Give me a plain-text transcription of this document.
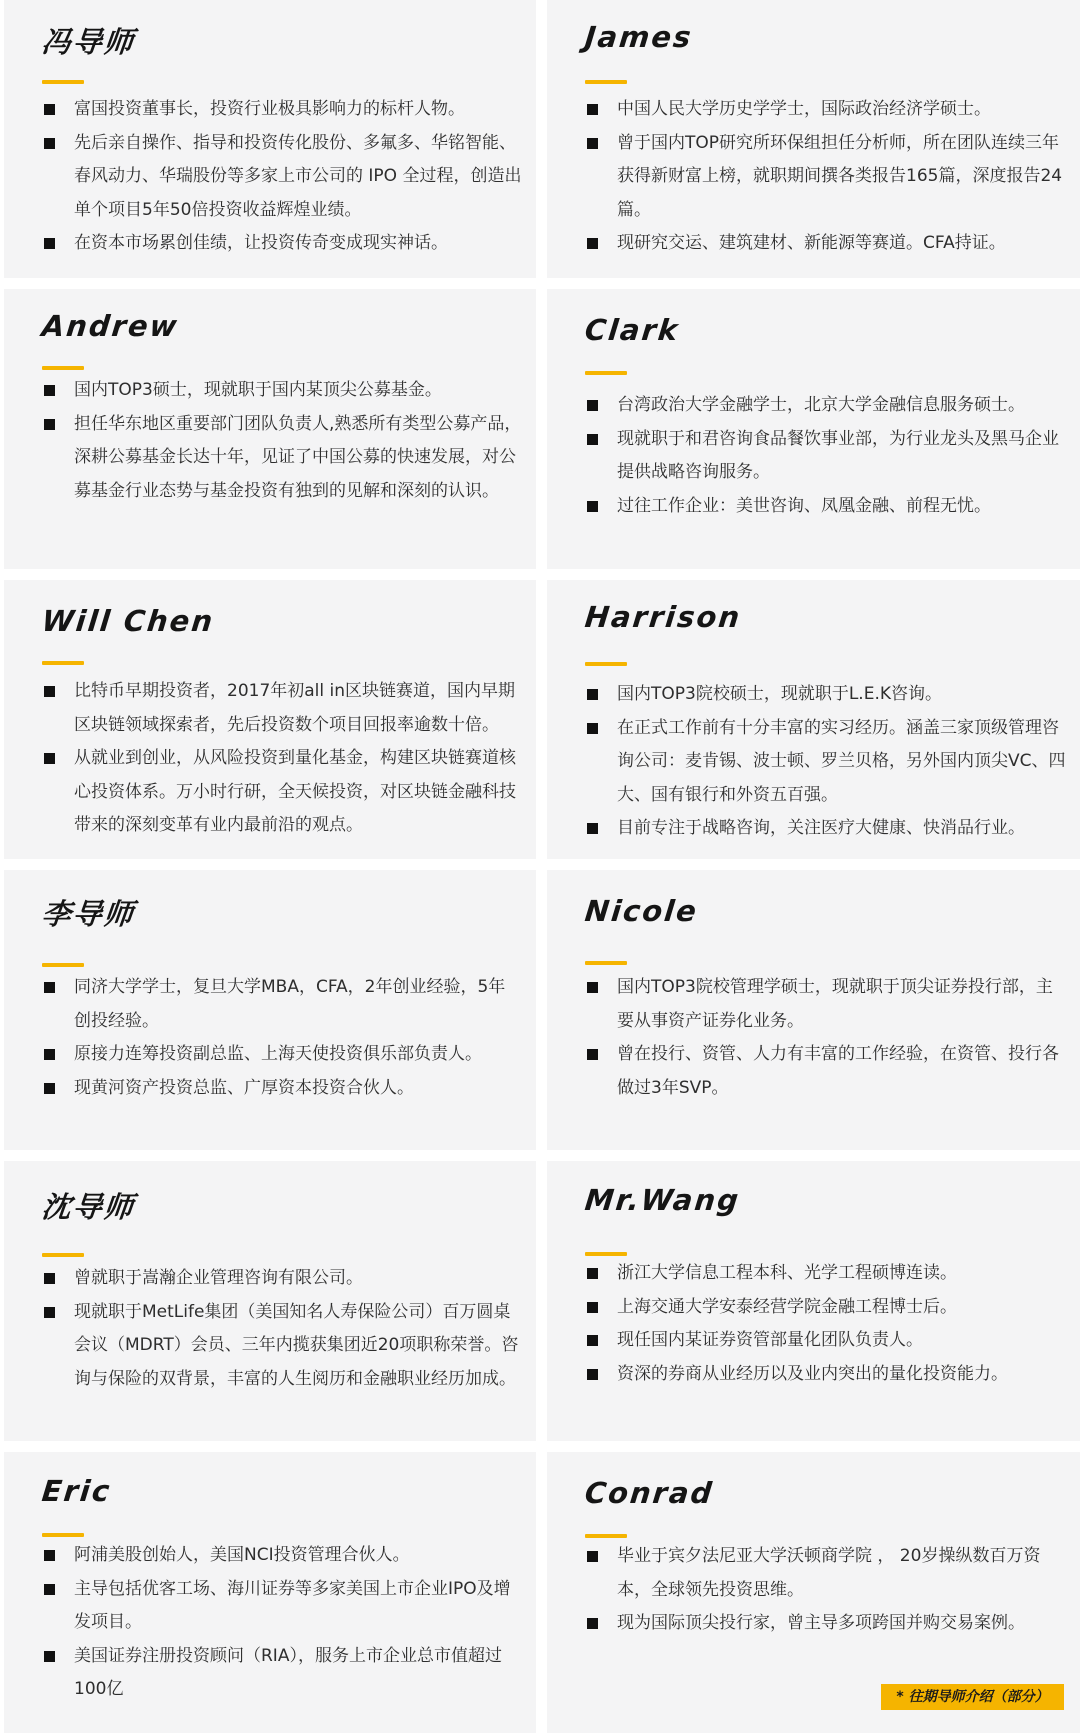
冯导师
富国投资董事长，投资行业极具影响力的标杆人物。
先后亲自操作、指导和投资传化股份、多氟多、华铭智能、春风动力、华瑞股份等多家上市公司的 IPO 全过程，创造出单个项目5年50倍投资收益辉煌业绩。
在资本市场累创佳绩，让投资传奇变成现实神话。
James
中国人民大学历史学学士，国际政治经济学硕士。
曾于国内TOP研究所环保组担任分析师，所在团队连续三年获得新财富上榜，就职期间撰各类报告165篇，深度报告24篇。
现研究交运、建筑建材、新能源等赛道。CFA持证。
Andrew
国内TOP3硕士，现就职于国内某顶尖公募基金。
担任华东地区重要部门团队负责人,熟悉所有类型公募产品，深耕公募基金长达十年，见证了中国公募的快速发展，对公募基金行业态势与基金投资有独到的见解和深刻的认识。
Clark
台湾政治大学金融学士，北京大学金融信息服务硕士。
现就职于和君咨询食品餐饮事业部，为行业龙头及黑马企业提供战略咨询服务。
过往工作企业：美世咨询、凤凰金融、前程无忧。
Will Chen
比特币早期投资者，2017年初all in区块链赛道，国内早期区块链领域探索者，先后投资数个项目回报率逾数十倍。
从就业到创业，从风险投资到量化基金，构建区块链赛道核心投资体系。万小时行研，全天候投资，对区块链金融科技带来的深刻变革有业内最前沿的观点。
Harrison
国内TOP3院校硕士，现就职于L.E.K咨询。
在正式工作前有十分丰富的实习经历。涵盖三家顶级管理咨询公司：麦肯锡、波士顿、罗兰贝格，另外国内顶尖VC、四大、国有银行和外资五百强。
目前专注于战略咨询，关注医疗大健康、快消品行业。
李导师
同济大学学士，复旦大学MBA，CFA，2年创业经验，5年创投经验。
原接力连筹投资副总监、上海天使投资俱乐部负责人。
现黄河资产投资总监、广厚资本投资合伙人。
Nicole
国内TOP3院校管理学硕士，现就职于顶尖证券投行部，主要从事资产证券化业务。
曾在投行、资管、人力有丰富的工作经验，在资管、投行各做过3年SVP。
沈导师
曾就职于嵩瀚企业管理咨询有限公司。
现就职于MetLife集团（美国知名人寿保险公司）百万圆桌会议（MDRT）会员、三年内揽获集团近20项职称荣誉。咨询与保险的双背景，丰富的人生阅历和金融职业经历加成。
Mr.Wang
浙江大学信息工程本科、光学工程硕博连读。
上海交通大学安泰经营学院金融工程博士后。
现任国内某证券资管部量化团队负责人。
资深的券商从业经历以及业内突出的量化投资能力。
Eric
阿浦美股创始人，美国NCI投资管理合伙人。
主导包括优客工场、海川证券等多家美国上市企业IPO及增发项目。
美国证券注册投资顾问（RIA），服务上市企业总市值超过100亿
Conrad
毕业于宾夕法尼亚大学沃顿商学院 ， 20岁操纵数百万资本，全球领先投资思维。
现为国际顶尖投行家，曾主导多项跨国并购交易案例。
* 往期导师介绍（部分）
